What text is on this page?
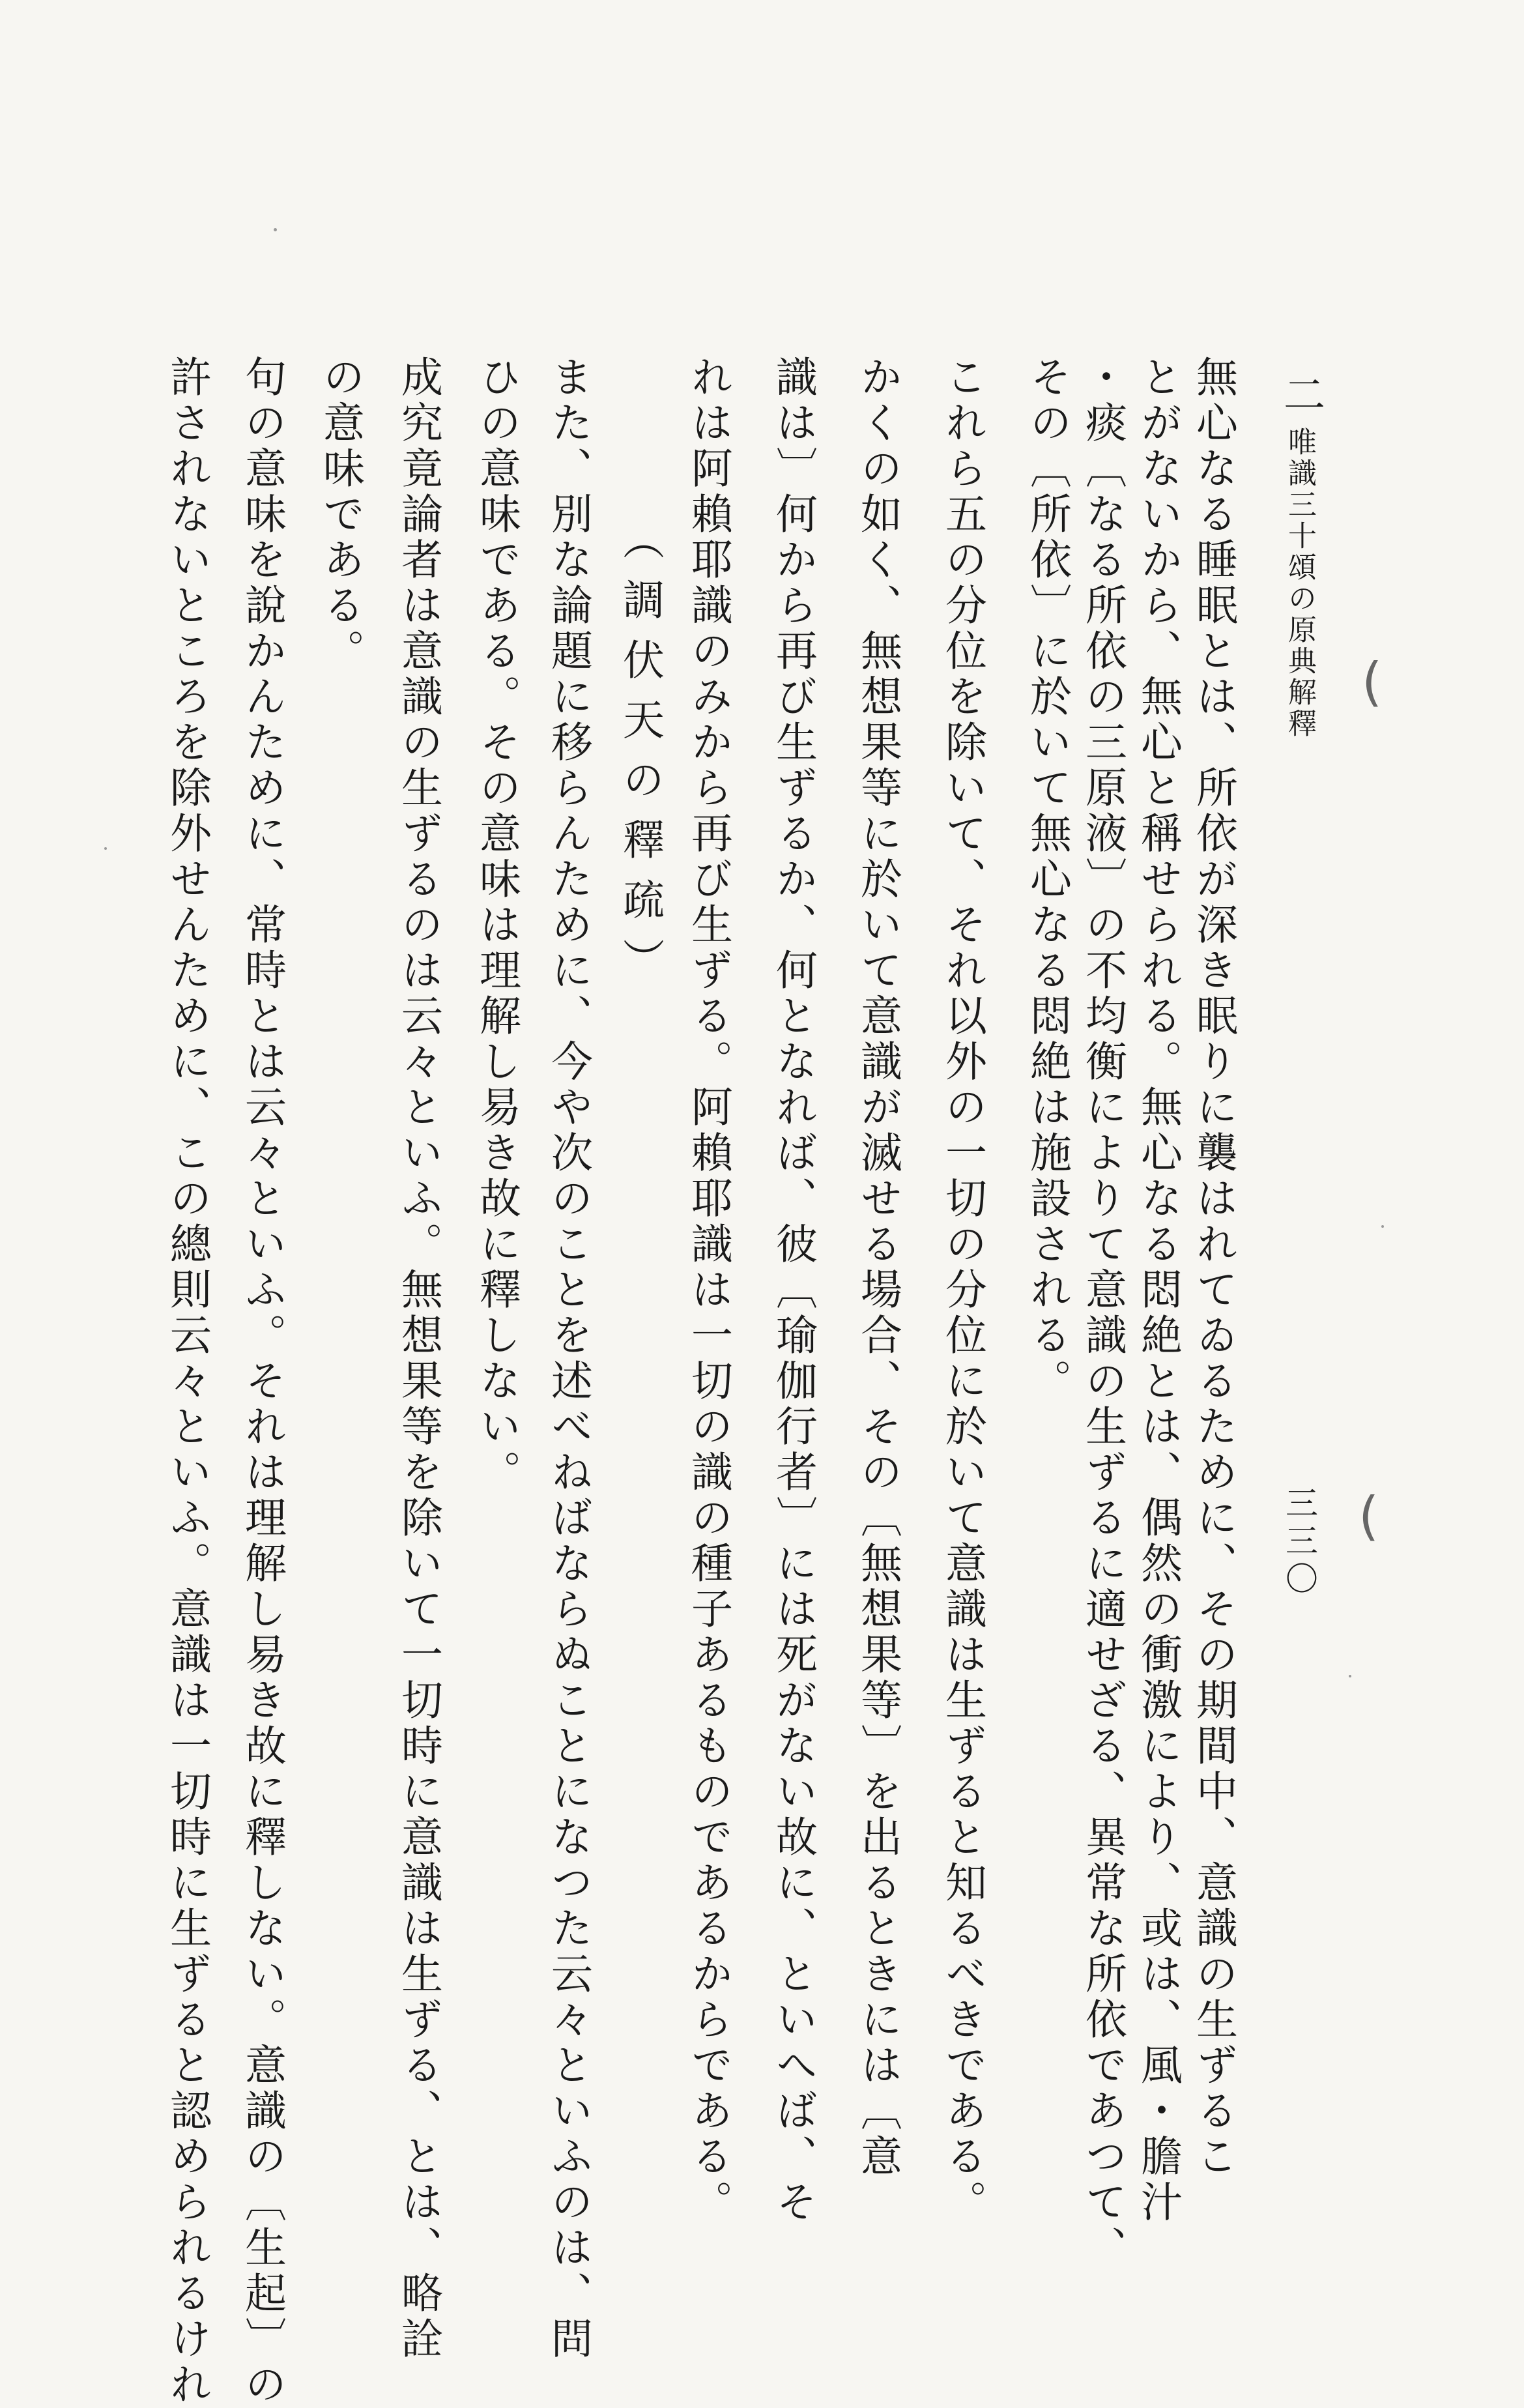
二
唯識三十頌の原典解釋
三三〇
無心なる睡眠とは、所依が深き眠りに襲はれてゐるために、その期間中、意識の生ずるこ
とがないから、無心と稱せられる。無心なる悶絶とは、偶然の衝激により、或は、風・膽汁
・痰〔なる所依の三原液〕の不均衡によりて意識の生ずるに適せざる、異常な所依であつて、
その〔所依〕に於いて無心なる悶絶は施設される。
これら五の分位を除いて、それ以外の一切の分位に於いて意識は生ずると知るべきである。
かくの如く、無想果等に於いて意識が滅せる場合、その〔無想果等〕を出るときには〔意
識は〕何から再び生ずるか、何となれば、彼〔瑜伽行者〕には死がない故に、といへば、そ
れは阿賴耶識のみから再び生ずる。阿賴耶識は一切の識の種子あるものであるからである。
（調伏天の釋疏）
また、別な論題に移らんために、今や次のことを述べねばならぬことになつた云々といふのは、問
ひの意味である。その意味は理解し易き故に釋しない。
成究竟論者は意識の生ずるのは云々といふ。無想果等を除いて一切時に意識は生ずる、とは、略詮
の意味である。
句の意味を說かんために、常時とは云々といふ。それは理解し易き故に釋しない。意識の〔生起〕の
許されないところを除外せんために、この總則云々といふ。意識は一切時に生ずると認められるけれ	(
(
